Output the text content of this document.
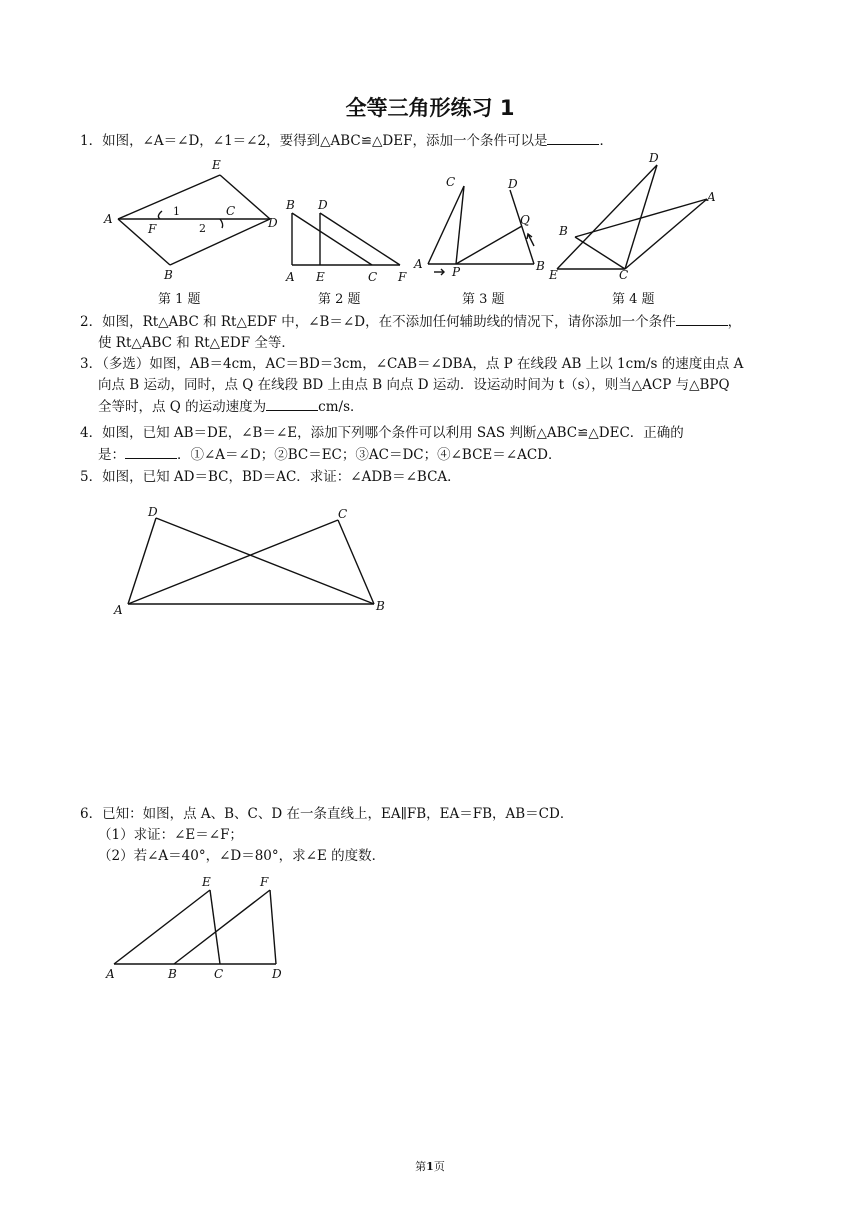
全等三角形练习 1
1．如图，∠A＝∠D，∠1＝∠2，要得到△ABC≌△DEF，添加一个条件可以是	．
A
B
C
D
E
F
1
2
B D
A E	C F
C	D
Q
A
P	B
D
A
B
E	C
第 1 题	第 2 题	第 3 题	第 4 题
2．如图，Rt△ABC 和 Rt△EDF 中，∠B＝∠D，在不添加任何辅助线的情况下，请你添加一个条件	，
使 Rt△ABC 和 Rt△EDF 全等．
3．（多选）如图，AB＝4cm，AC＝BD＝3cm，∠CAB＝∠DBA，点 P 在线段 AB 上以 1cm/s 的速度由点 A
向点 B 运动，同时，点 Q 在线段 BD 上由点 B 向点 D 运动．设运动时间为 t（s），则当△ACP 与△BPQ
全等时，点 Q 的运动速度为	cm/s．
4．如图，已知 AB＝DE，∠B＝∠E，添加下列哪个条件可以利用 SAS 判断△ABC≌△DEC．正确的
是：	．①∠A＝∠D；②BC＝EC；③AC＝DC；④∠BCE＝∠ACD．
5．如图，已知 AD＝BC，BD＝AC．求证：∠ADB＝∠BCA．
D	C
A	B
6．已知：如图，点 A、B、C、D 在一条直线上，EA∥FB，EA＝FB，AB＝CD．
（1）求证：∠E＝∠F；
（2）若∠A＝40°，∠D＝80°，求∠E 的度数．
E	F
A	B	C	D
第1页
